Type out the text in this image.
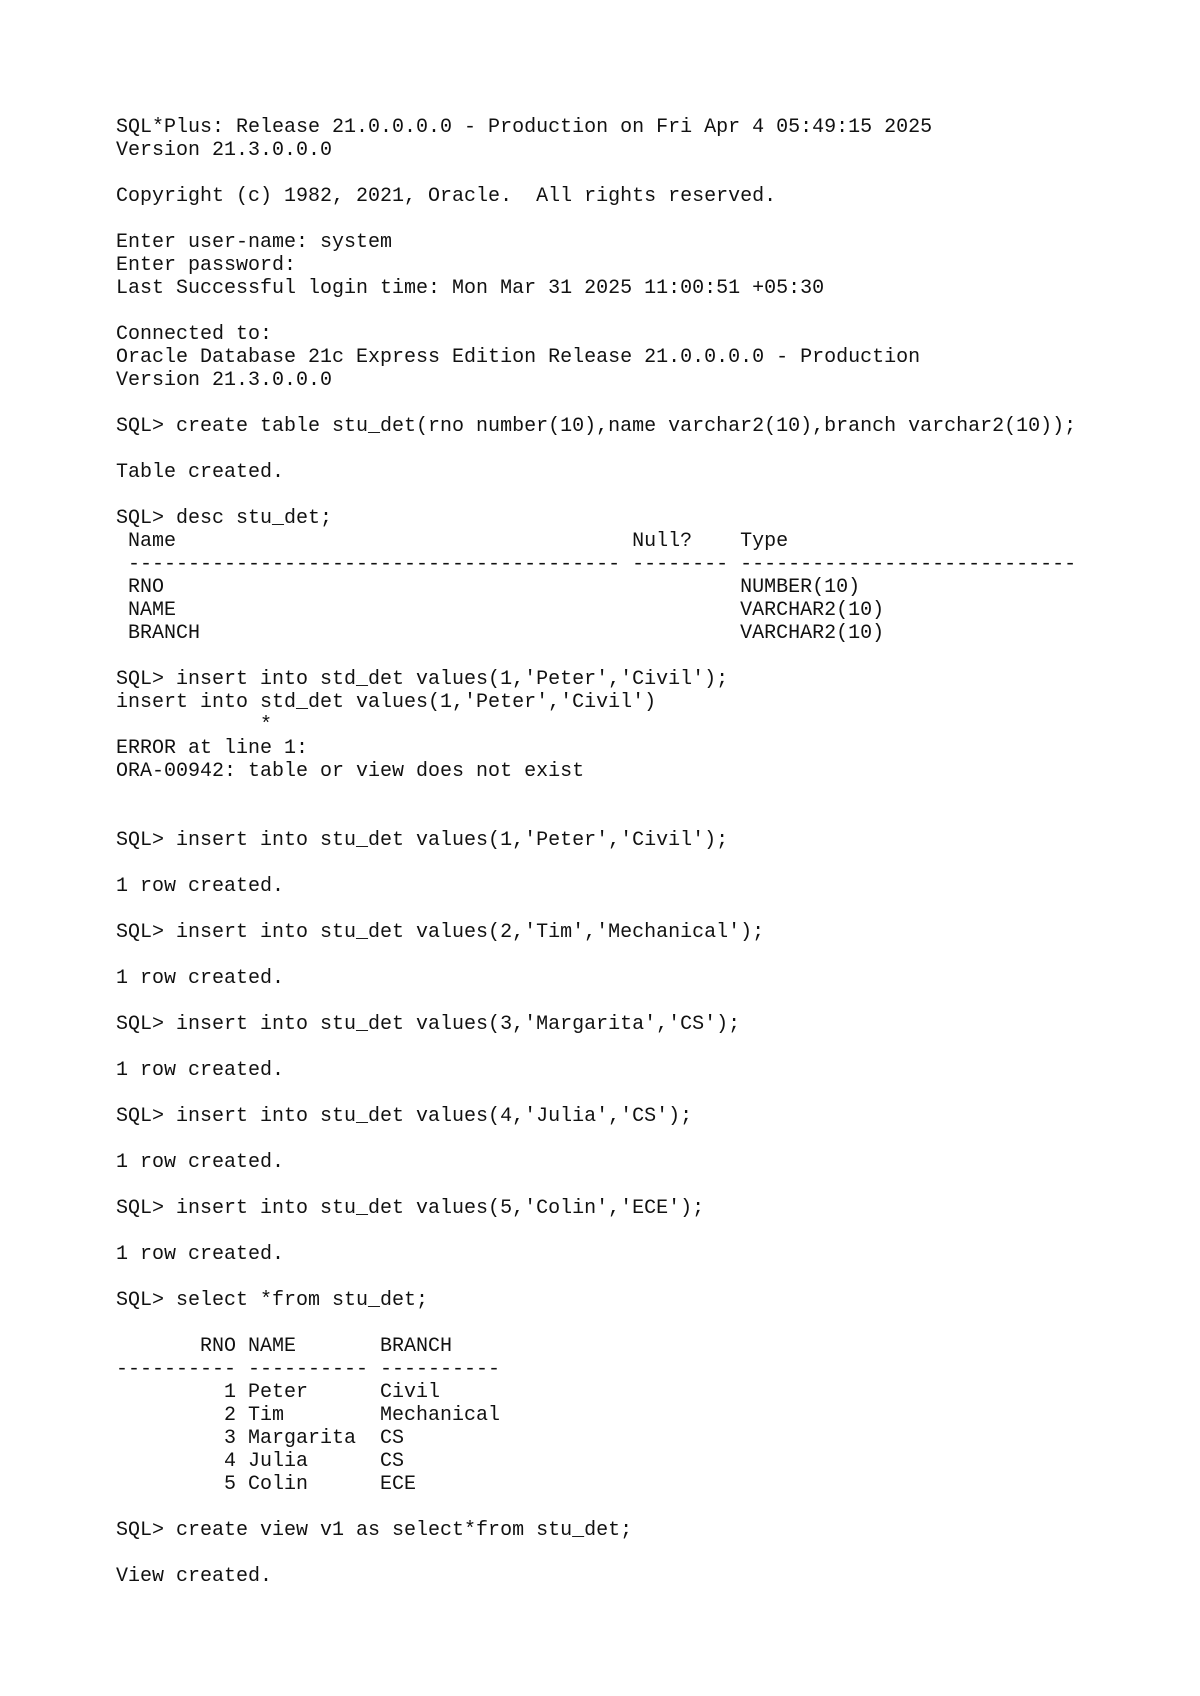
SQL*Plus: Release 21.0.0.0.0 - Production on Fri Apr 4 05:49:15 2025
Version 21.3.0.0.0
Copyright (c) 1982, 2021, Oracle.  All rights reserved.
Enter user-name: system
Enter password:
Last Successful login time: Mon Mar 31 2025 11:00:51 +05:30
Connected to:
Oracle Database 21c Express Edition Release 21.0.0.0.0 - Production
Version 21.3.0.0.0
SQL> create table stu_det(rno number(10),name varchar2(10),branch varchar2(10));
Table created.
SQL> desc stu_det;
Name                                      Null?    Type
----------------------------------------- -------- ----------------------------
RNO                                                NUMBER(10)
NAME                                               VARCHAR2(10)
BRANCH                                             VARCHAR2(10)
SQL> insert into std_det values(1,'Peter','Civil');
insert into std_det values(1,'Peter','Civil')
*
ERROR at line 1:
ORA-00942: table or view does not exist
SQL> insert into stu_det values(1,'Peter','Civil');
1 row created.
SQL> insert into stu_det values(2,'Tim','Mechanical');
1 row created.
SQL> insert into stu_det values(3,'Margarita','CS');
1 row created.
SQL> insert into stu_det values(4,'Julia','CS');
1 row created.
SQL> insert into stu_det values(5,'Colin','ECE');
1 row created.
SQL> select *from stu_det;
RNO NAME       BRANCH
---------- ---------- ----------
1 Peter      Civil
2 Tim        Mechanical
3 Margarita  CS
4 Julia      CS
5 Colin      ECE
SQL> create view v1 as select*from stu_det;
View created.
